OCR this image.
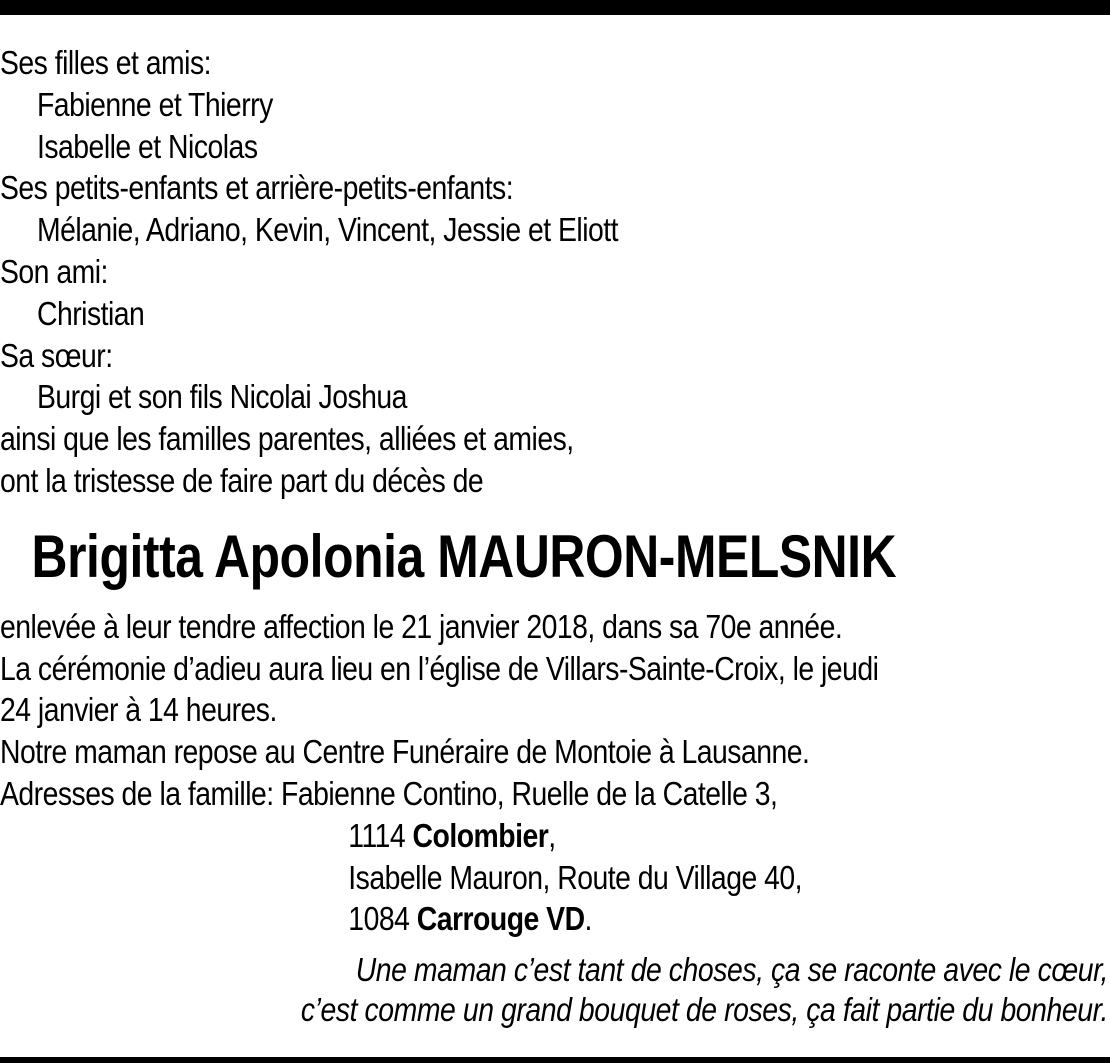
Ses filles et amis:
Fabienne et Thierry
Isabelle et Nicolas
Ses petits-enfants et arrière-petits-enfants:
Mélanie, Adriano, Kevin, Vincent, Jessie et Eliott
Son ami:
Christian
Sa sœur:
Burgi et son fils Nicolai Joshua
ainsi que les familles parentes, alliées et amies,
ont la tristesse de faire part du décès de
Brigitta Apolonia MAURON-MELSNIK
enlevée à leur tendre affection le 21 janvier 2018, dans sa 70e année.
La cérémonie d’adieu aura lieu en l’église de Villars-Sainte-Croix, le jeudi
24 janvier à 14 heures.
Notre maman repose au Centre Funéraire de Montoie à Lausanne.
Adresses de la famille: Fabienne Contino, Ruelle de la Catelle 3,
1114 Colombier,
Isabelle Mauron, Route du Village 40,
1084 Carrouge VD.
Une maman c’est tant de choses, ça se raconte avec le cœur,
c’est comme un grand bouquet de roses, ça fait partie du bonheur.
